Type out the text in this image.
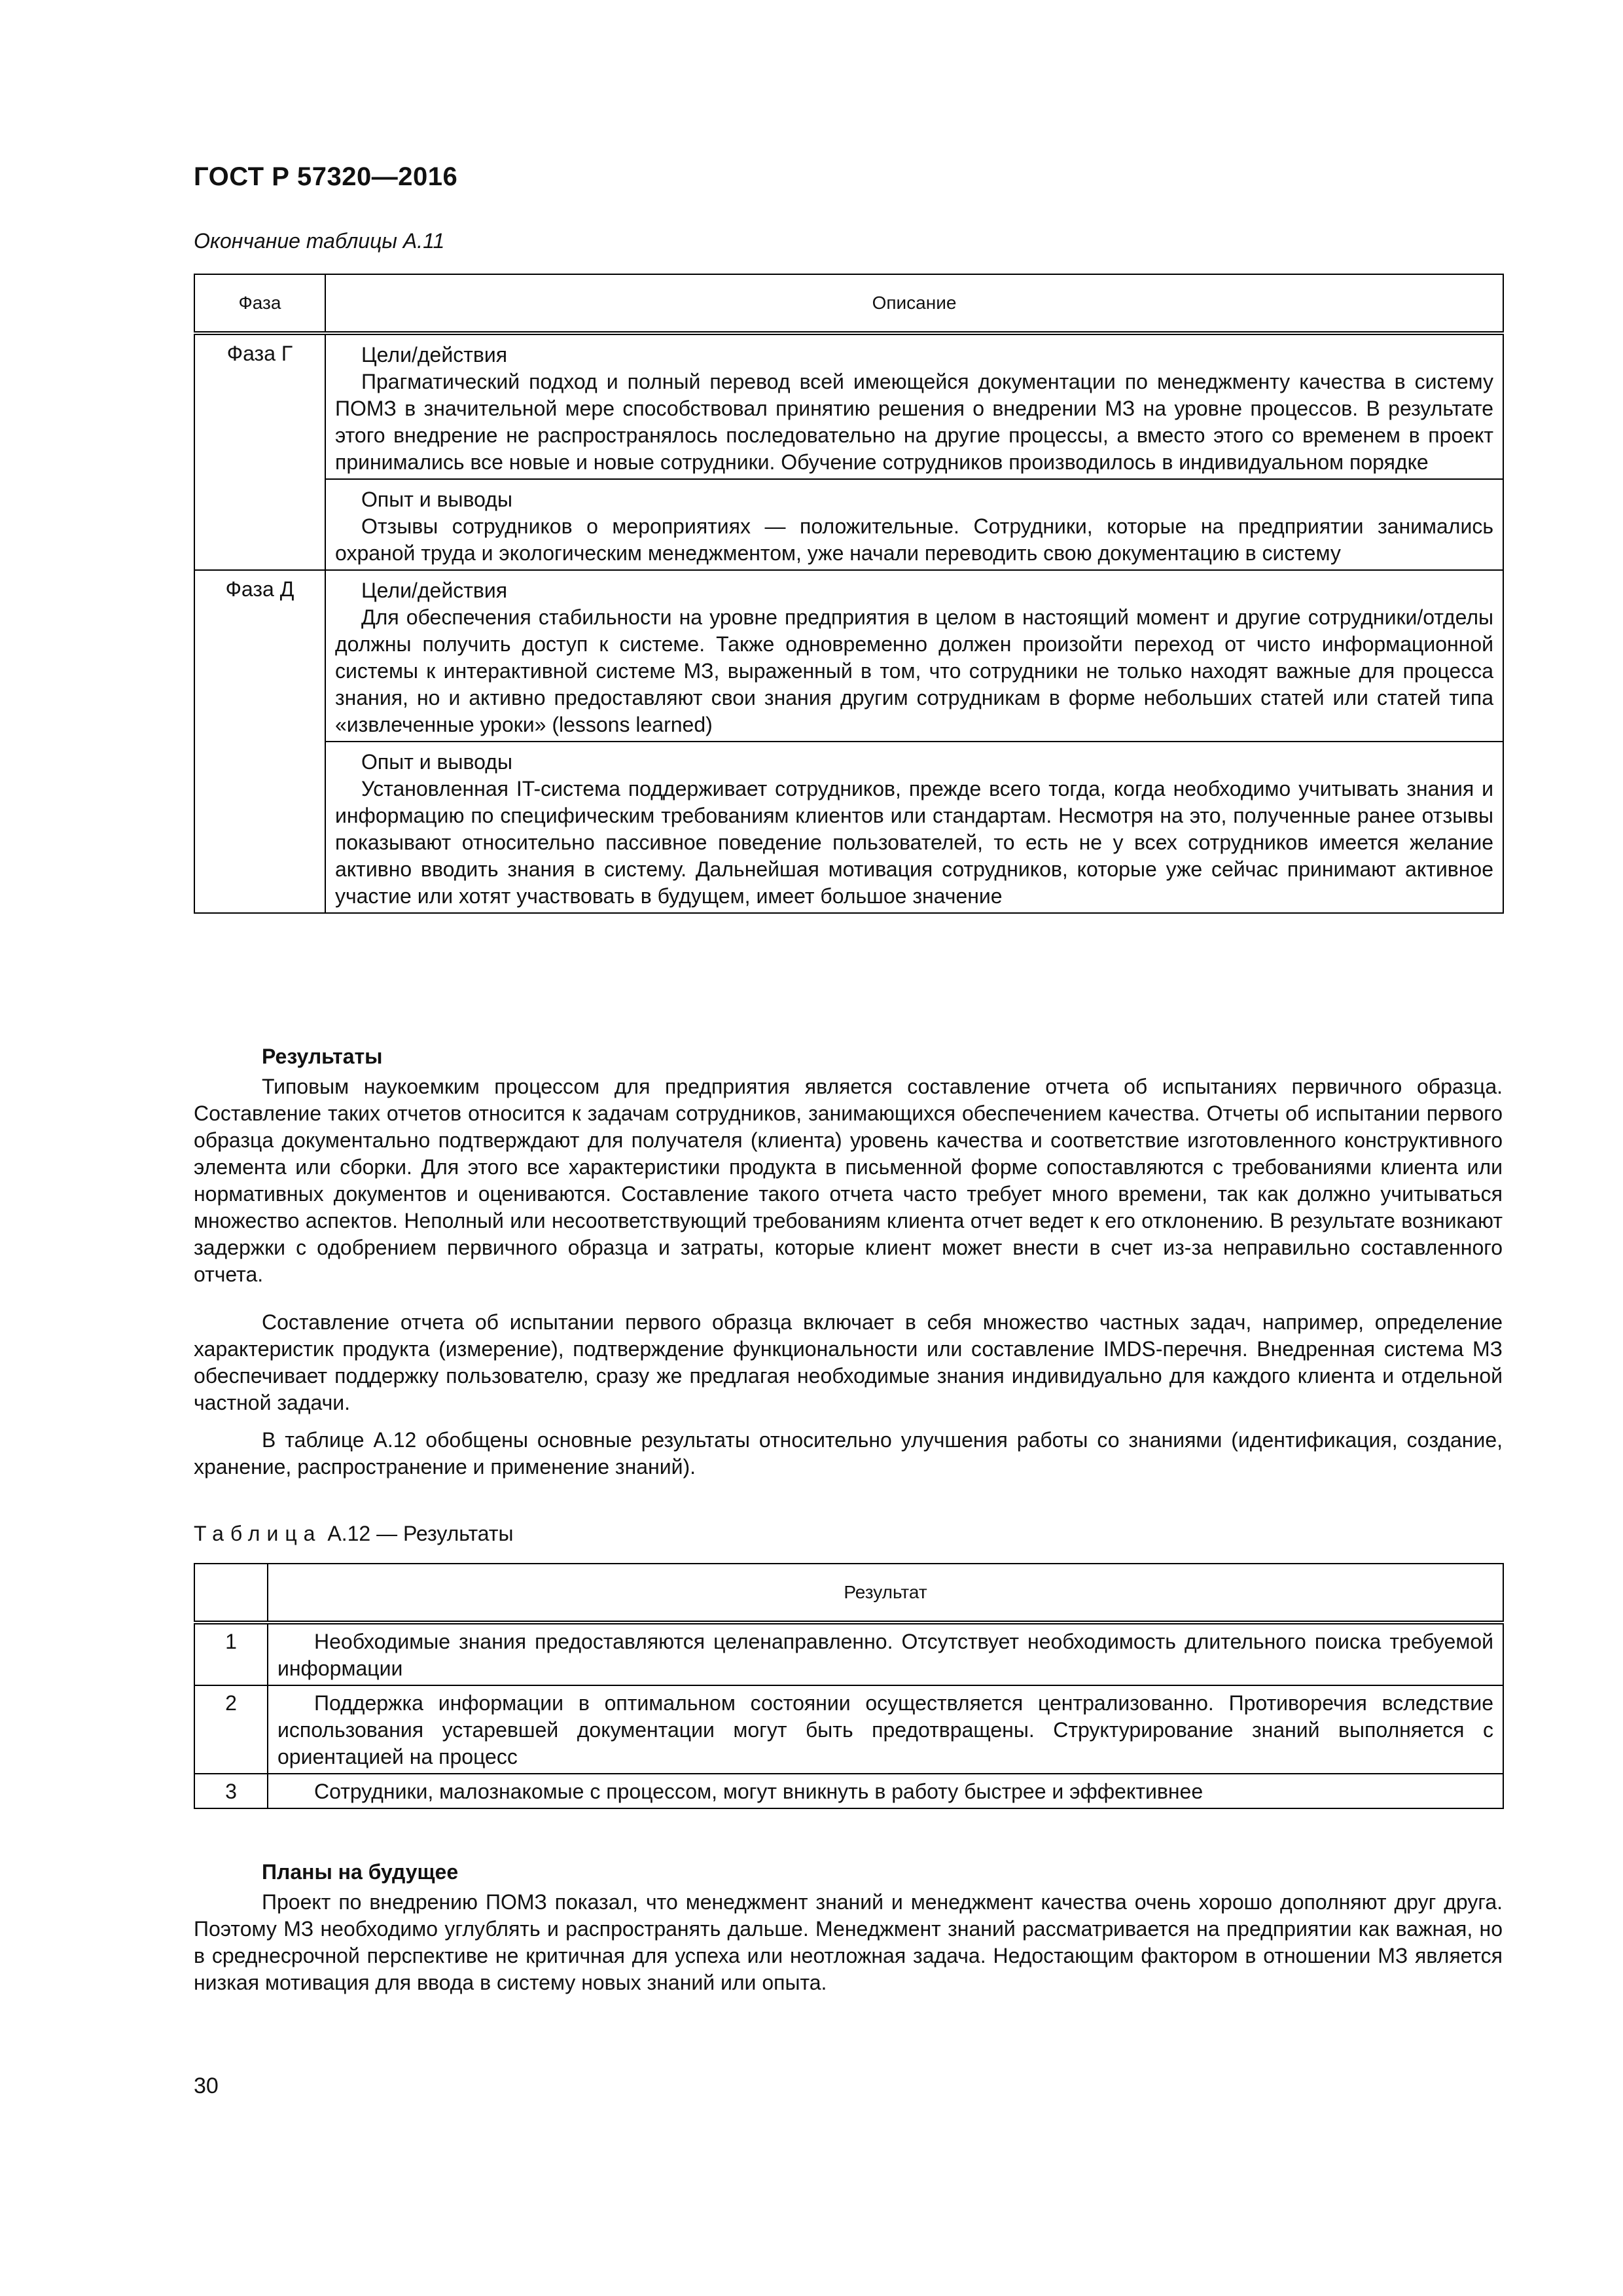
ГОСТ Р 57320—2016
Окончание таблицы А.11
Фаза	Описание
Фаза Г	Цели/действия

Прагматический подход и полный перевод всей имеющейся документации по менеджменту качества в систему ПОМЗ в значительной мере способствовал принятию решения о внедрении МЗ на уровне процессов. В результате этого внедрение не распространялось последовательно на другие процессы, а вместо этого со временем в проект принимались все новые и новые сотрудники. Обучение сотрудников производилось в индивидуальном порядке

	Опыт и выводы

Отзывы сотрудников о мероприятиях — положительные. Сотрудники, которые на предприятии занимались охраной труда и экологическим менеджментом, уже начали переводить свою документацию в систему

Фаза Д	Цели/действия

Для обеспечения стабильности на уровне предприятия в целом в настоящий момент и другие сотрудники/отделы должны получить доступ к системе. Также одновременно должен произойти переход от чисто информационной системы к интерактивной системе МЗ, выраженный в том, что сотрудники не только находят важные для процесса знания, но и активно предоставляют свои знания другим сотрудникам в форме небольших статей или статей типа «извлеченные уроки» (lessons learned)

	Опыт и выводы

Установленная IT-система поддерживает сотрудников, прежде всего тогда, когда необходимо учитывать знания и информацию по специфическим требованиям клиентов или стандартам. Несмотря на это, полученные ранее отзывы показывают относительно пассивное поведение пользователей, то есть не у всех сотрудников имеется желание активно вводить знания в систему. Дальнейшая мотивация сотрудников, которые уже сейчас принимают активное участие или хотят участвовать в будущем, имеет большое значение

Результаты

Типовым наукоемким процессом для предприятия является составление отчета об испытаниях первичного образца. Составление таких отчетов относится к задачам сотрудников, занимающихся обеспечением качества. Отчеты об испытании первого образца документально подтверждают для получателя (клиента) уровень качества и соответствие изготовленного конструктивного элемента или сборки. Для этого все характеристики продукта в письменной форме сопоставляются с требованиями клиента или нормативных документов и оцениваются. Составление такого отчета часто требует много времени, так как должно учитываться множество аспектов. Неполный или несоответствующий требованиям клиента отчет ведет к его отклонению. В результате возникают задержки с одобрением первичного образца и затраты, которые клиент может внести в счет из-за неправильно составленного отчета.

Составление отчета об испытании первого образца включает в себя множество частных задач, например, определение характеристик продукта (измерение), подтверждение функциональности или составление IMDS-перечня. Внедренная система МЗ обеспечивает поддержку пользователю, сразу же предлагая необходимые знания индивидуально для каждого клиента и отдельной частной задачи.

В таблице А.12 обобщены основные результаты относительно улучшения работы со знаниями (идентификация, создание, хранение, распространение и применение знаний).

Таблица А.12 — Результаты
	Результат
1	Необходимые знания предоставляются целенаправленно. Отсутствует необходимость длительного поиска требуемой информации

2	Поддержка информации в оптимальном состоянии осуществляется централизованно. Противоречия вследствие использования устаревшей документации могут быть предотвращены. Структурирование знаний выполняется с ориентацией на процесс

3	Сотрудники, малознакомые с процессом, могут вникнуть в работу быстрее и эффективнее

Планы на будущее

Проект по внедрению ПОМЗ показал, что менеджмент знаний и менеджмент качества очень хорошо дополняют друг друга. Поэтому МЗ необходимо углублять и распространять дальше. Менеджмент знаний рассматривается на предприятии как важная, но в среднесрочной перспективе не критичная для успеха или неотложная задача. Недостающим фактором в отношении МЗ является низкая мотивация для ввода в систему новых знаний или опыта.

30
